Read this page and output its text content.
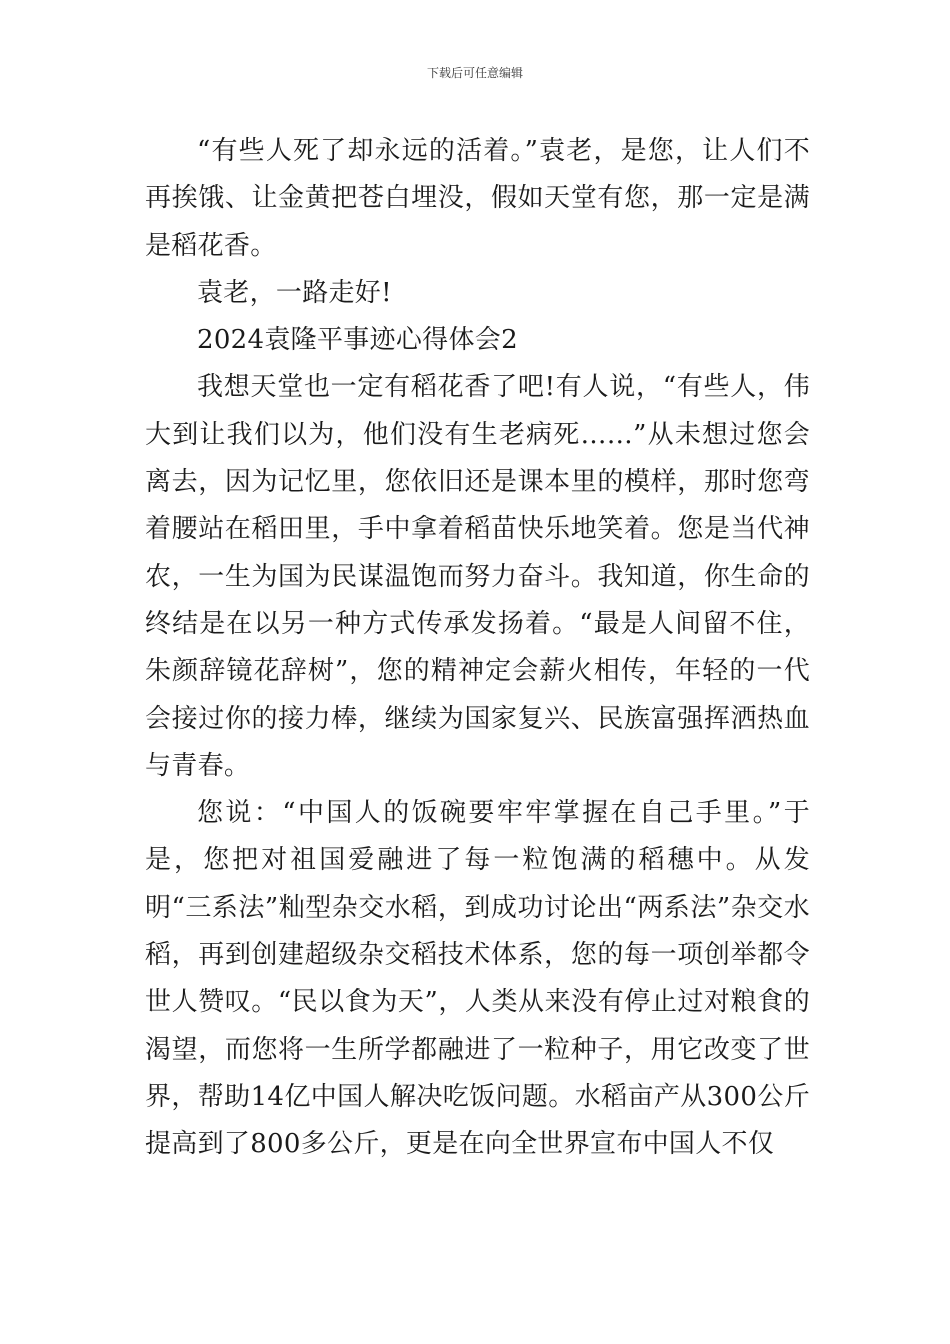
下载后可任意编辑

“有些人死了却永远的活着。”袁老，是您，让人们不再挨饿、让金黄把苍白埋没，假如天堂有您，那一定是满是稻花香。

袁老，一路走好!

2024袁隆平事迹心得体会2

我想天堂也一定有稻花香了吧!有人说，“有些人，伟大到让我们以为，他们没有生老病死……”从未想过您会离去，因为记忆里，您依旧还是课本里的模样，那时您弯着腰站在稻田里，手中拿着稻苗快乐地笑着。您是当代神农，一生为国为民谋温饱而努力奋斗。我知道，你生命的终结是在以另一种方式传承发扬着。“最是人间留不住，朱颜辞镜花辞树”，您的精神定会薪火相传，年轻的一代会接过你的接力棒，继续为国家复兴、民族富强挥洒热血与青春。

您说：“中国人的饭碗要牢牢掌握在自己手里。”于是，您把对祖国爱融进了每一粒饱满的稻穗中。从发明“三系法”籼型杂交水稻，到成功讨论出“两系法”杂交水稻，再到创建超级杂交稻技术体系，您的每一项创举都令世人赞叹。“民以食为天”，人类从来没有停止过对粮食的渴望，而您将一生所学都融进了一粒种子，用它改变了世界，帮助14亿中国人解决吃饭问题。水稻亩产从300公斤提高到了800多公斤，更是在向全世界宣布中国人不仅
